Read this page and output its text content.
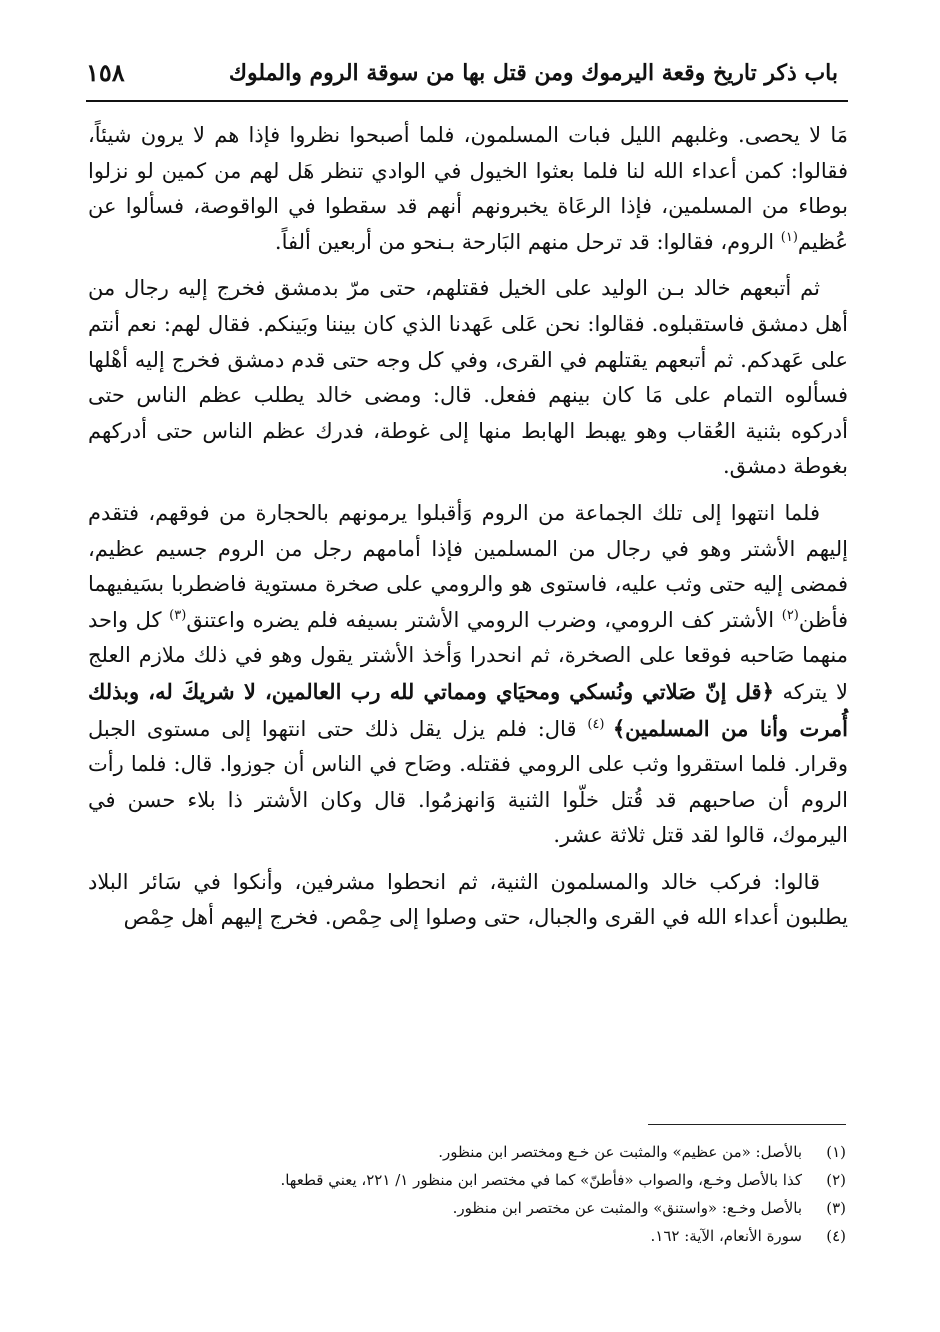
باب ذكر تاريخ وقعة اليرموك ومن قتل بها من سوقة الروم والملوك
١٥٨

مَا لا يحصى. وغلبهم الليل فبات المسلمون، فلما أصبحوا نظروا فإذا هم لا يرون شيئاً، فقالوا: كمن أعداء الله لنا فلما بعثوا الخيول في الوادي تنظر هَل لهم من كمين لو نزلوا بوطاء من المسلمين، فإذا الرعَاة يخبرونهم أنهم قد سقطوا في الواقوصة، فسألوا عن عُظيم$^{(١)}$ الروم، فقالوا: قد ترحل منهم البَارحة بـنحو من أربعين ألفاً.

ثم أتبعهم خالد بـن الوليد على الخيل فقتلهم، حتى مرّ بدمشق فخرج إليه رجال من أهل دمشق فاستقبلوه. فقالوا: نحن عَلى عَهدنا الذي كان بيننا وبَينكم. فقال لهم: نعم أنتم على عَهدكم. ثم أتبعهم يقتلهم في القرى، وفي كل وجه حتى قدم دمشق فخرج إليه أهْلها فسألوه التمام على مَا كان بينهم ففعل. قال: ومضى خالد يطلب عظم الناس حتى أدركوه بثنية العُقاب وهو يهبط الهابط منها إلى غوطة، فدرك عظم الناس حتى أدركهم بغوطة دمشق.

فلما انتهوا إلى تلك الجماعة من الروم وَأقبلوا يرمونهم بالحجارة من فوقهم، فتقدم إليهم الأشتر وهو في رجال من المسلمين فإذا أمامهم رجل من الروم جسيم عظيم، فمضى إليه حتى وثب عليه، فاستوى هو والرومي على صخرة مستوية فاضطربا بسَيفيهما فأظن$^{(٢)}$ الأشتر كف الرومي، وضرب الرومي الأشتر بسيفه فلم يضره واعتنق$^{(٣)}$ كل واحد منهما صَاحبه فوقعا على الصخرة، ثم انحدرا وَأخذ الأشتر يقول وهو في ذلك ملازم العلج لا يتركه ﴿قل إنّ صَلاتي ونُسكي ومحيَاي ومماتي لله رب العالمين، لا شريكَ له، وبذلك أُمرت وأنا من المسلمين﴾ $^{(٤)}$ قال: فلم يزل يقل ذلك حتى انتهوا إلى مستوى الجبل وقرار. فلما استقروا وثب على الرومي فقتله. وصَاح في الناس أن جوزوا. قال: فلما رأت الروم أن صاحبهم قد قُتل خلّوا الثنية وَانهزمُوا. قال وكان الأشتر ذا بلاء حسن في اليرموك، قالوا لقد قتل ثلاثة عشر.

قالوا: فركب خالد والمسلمون الثنية، ثم انحطوا مشرفين، وأنكوا في سَائر البلاد يطلبون أعداء الله في القرى والجبال، حتى وصلوا إلى حِمْص. فخرج إليهم أهل حِمْص

(١)
بالأصل: «من عظيم» والمثبت عن خـع ومختصر ابن منظور.
(٢)
كذا بالأصل وخـع، والصواب «فأطنّ» كما في مختصر ابن منظور ١/ ٢٢١، يعني قطعها.
(٣)
بالأصل وخـع: «واستنق» والمثبت عن مختصر ابن منظور.
(٤)
سورة الأنعام، الآية: ١٦٢.
